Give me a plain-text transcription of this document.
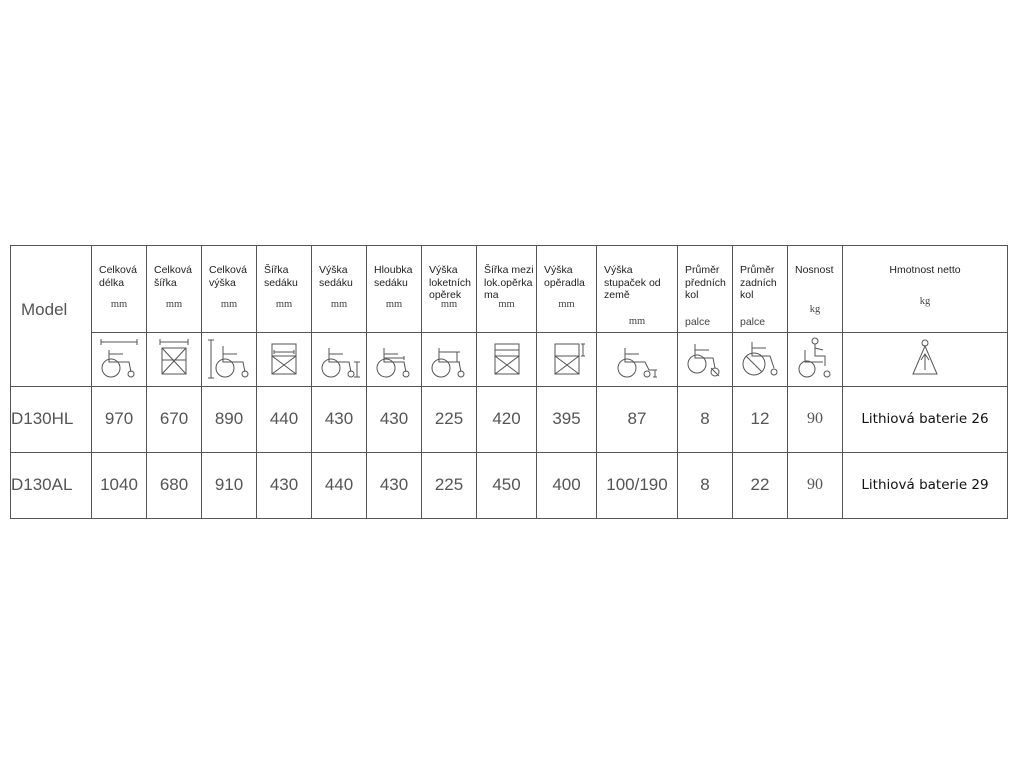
Model	Celková
délka
mm	Celková
šířka
mm	Celková
výška
mm	Šířka
sedáku
mm	Výška
sedáku
mm	Hloubka
sedáku
mm	Výška
loketních
opěrek
mm	Šířka mezi
lok.opěrka
ma
mm	Výška
opěradla
mm	Výška
stupaček od
země
mm	Průměr
předních
kol
palce	Průměr
zadních
kol
palce	Nosnost
kg	Hmotnost netto
kg

D130HL	970	670	890	440	430	430	225	420	395	87	8	12	90	Lithiová baterie 26
D130AL	1040	680	910	430	440	430	225	450	400	100/190	8	22	90	Lithiová baterie 29
